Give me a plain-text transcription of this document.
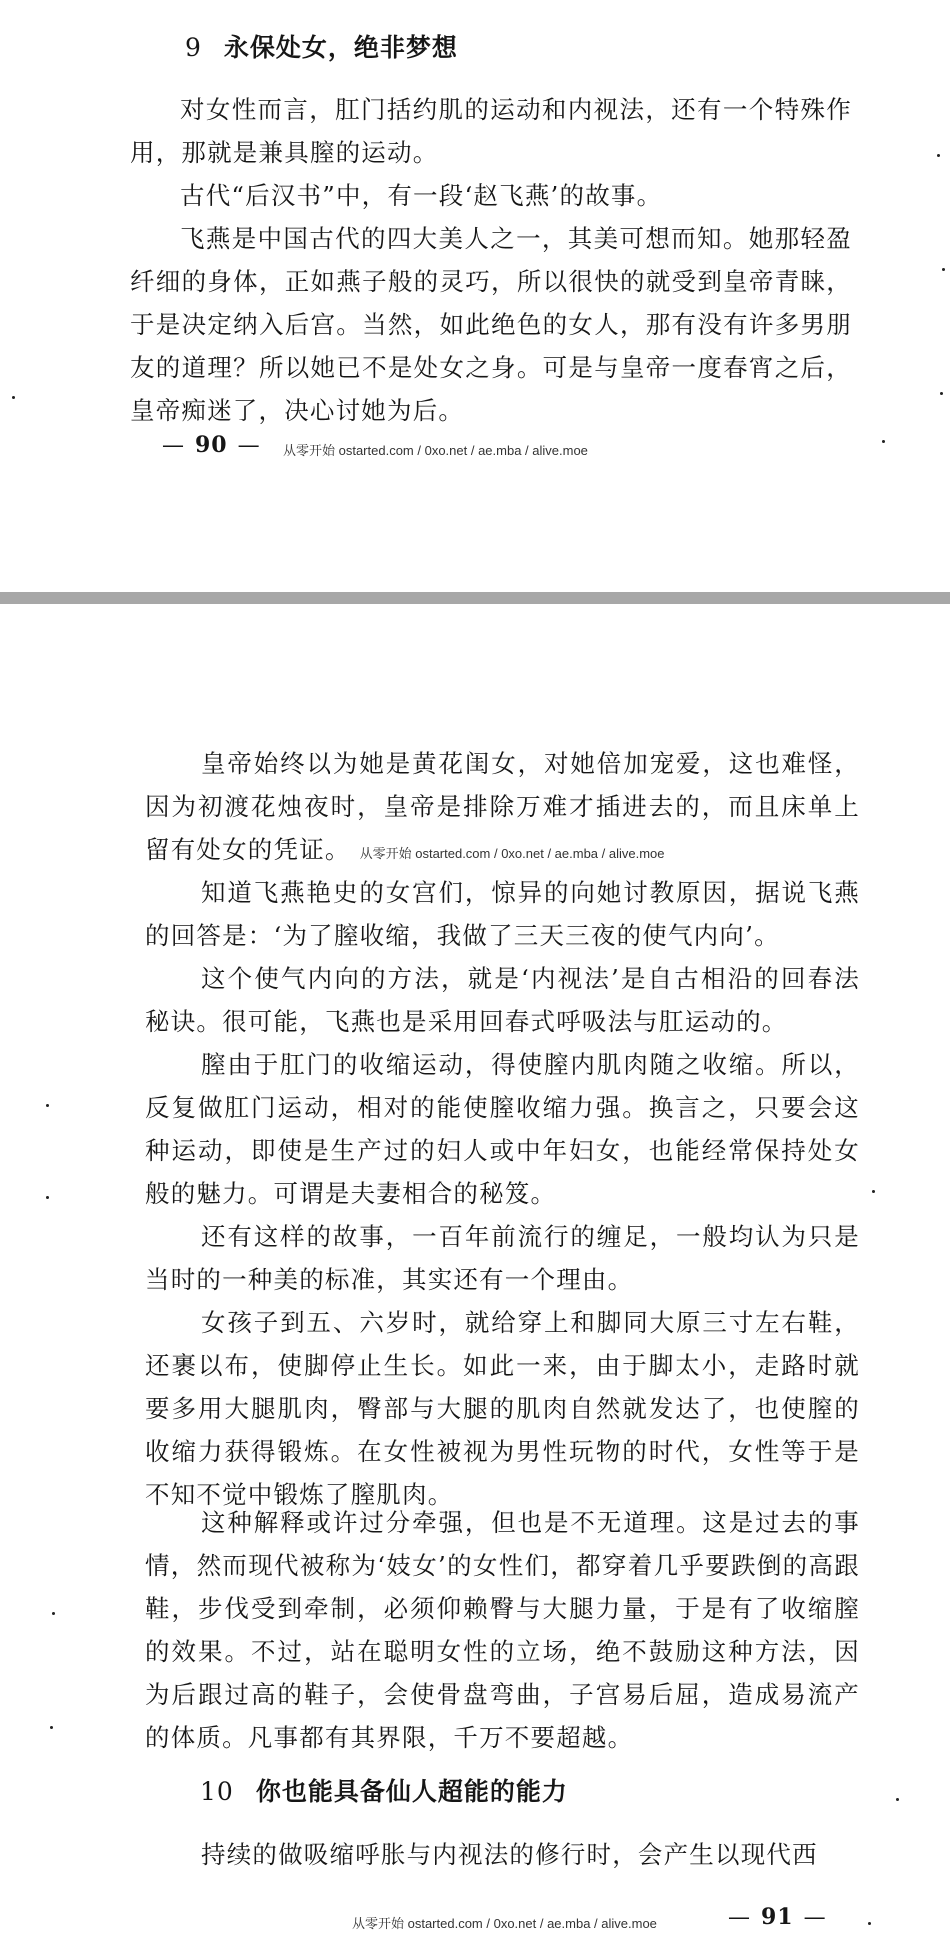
9 永保处女，绝非梦想

对女性而言，肛门括约肌的运动和内视法，还有一个特殊作用，那就是兼具膣的运动。

古代“后汉书”中，有一段‘赵飞燕’的故事。

飞燕是中国古代的四大美人之一，其美可想而知。她那轻盈纤细的身体，正如燕子般的灵巧，所以很快的就受到皇帝青睐，于是决定纳入后宫。当然，如此绝色的女人，那有没有许多男朋友的道理？所以她已不是处女之身。可是与皇帝一度春宵之后，皇帝痴迷了，决心讨她为后。

— 90 —	从零开始 ostarted.com / 0xo.net / ae.mba / alive.moe

皇帝始终以为她是黄花闺女，对她倍加宠爱，这也难怪，因为初渡花烛夜时，皇帝是排除万难才插进去的，而且床单上留有处女的凭证。 从零开始 ostarted.com / 0xo.net / ae.mba / alive.moe

知道飞燕艳史的女宫们，惊异的向她讨教原因，据说飞燕的回答是：‘为了膣收缩，我做了三天三夜的使气内向’。

这个使气内向的方法，就是‘内视法’是自古相沿的回春法秘诀。很可能，飞燕也是采用回春式呼吸法与肛运动的。

膣由于肛门的收缩运动，得使膣内肌肉随之收缩。所以，反复做肛门运动，相对的能使膣收缩力强。换言之，只要会这种运动，即使是生产过的妇人或中年妇女，也能经常保持处女般的魅力。可谓是夫妻相合的秘笈。

还有这样的故事，一百年前流行的缠足，一般均认为只是当时的一种美的标准，其实还有一个理由。

女孩子到五、六岁时，就给穿上和脚同大原三寸左右鞋，还裹以布，使脚停止生长。如此一来，由于脚太小，走路时就要多用大腿肌肉，臀部与大腿的肌肉自然就发达了，也使膣的收缩力获得锻炼。在女性被视为男性玩物的时代，女性等于是不知不觉中锻炼了膣肌肉。

这种解释或许过分牵强，但也是不无道理。这是过去的事情，然而现代被称为‘妓女’的女性们，都穿着几乎要跌倒的高跟鞋，步伐受到牵制，必须仰赖臀与大腿力量，于是有了收缩膣的效果。不过，站在聪明女性的立场，绝不鼓励这种方法，因为后跟过高的鞋子，会使骨盘弯曲，子宫易后屈，造成易流产的体质。凡事都有其界限，千万不要超越。

10 你也能具备仙人超能的能力

持续的做吸缩呼胀与内视法的修行时，会产生以现代西

从零开始 ostarted.com / 0xo.net / ae.mba / alive.moe	— 91 —
